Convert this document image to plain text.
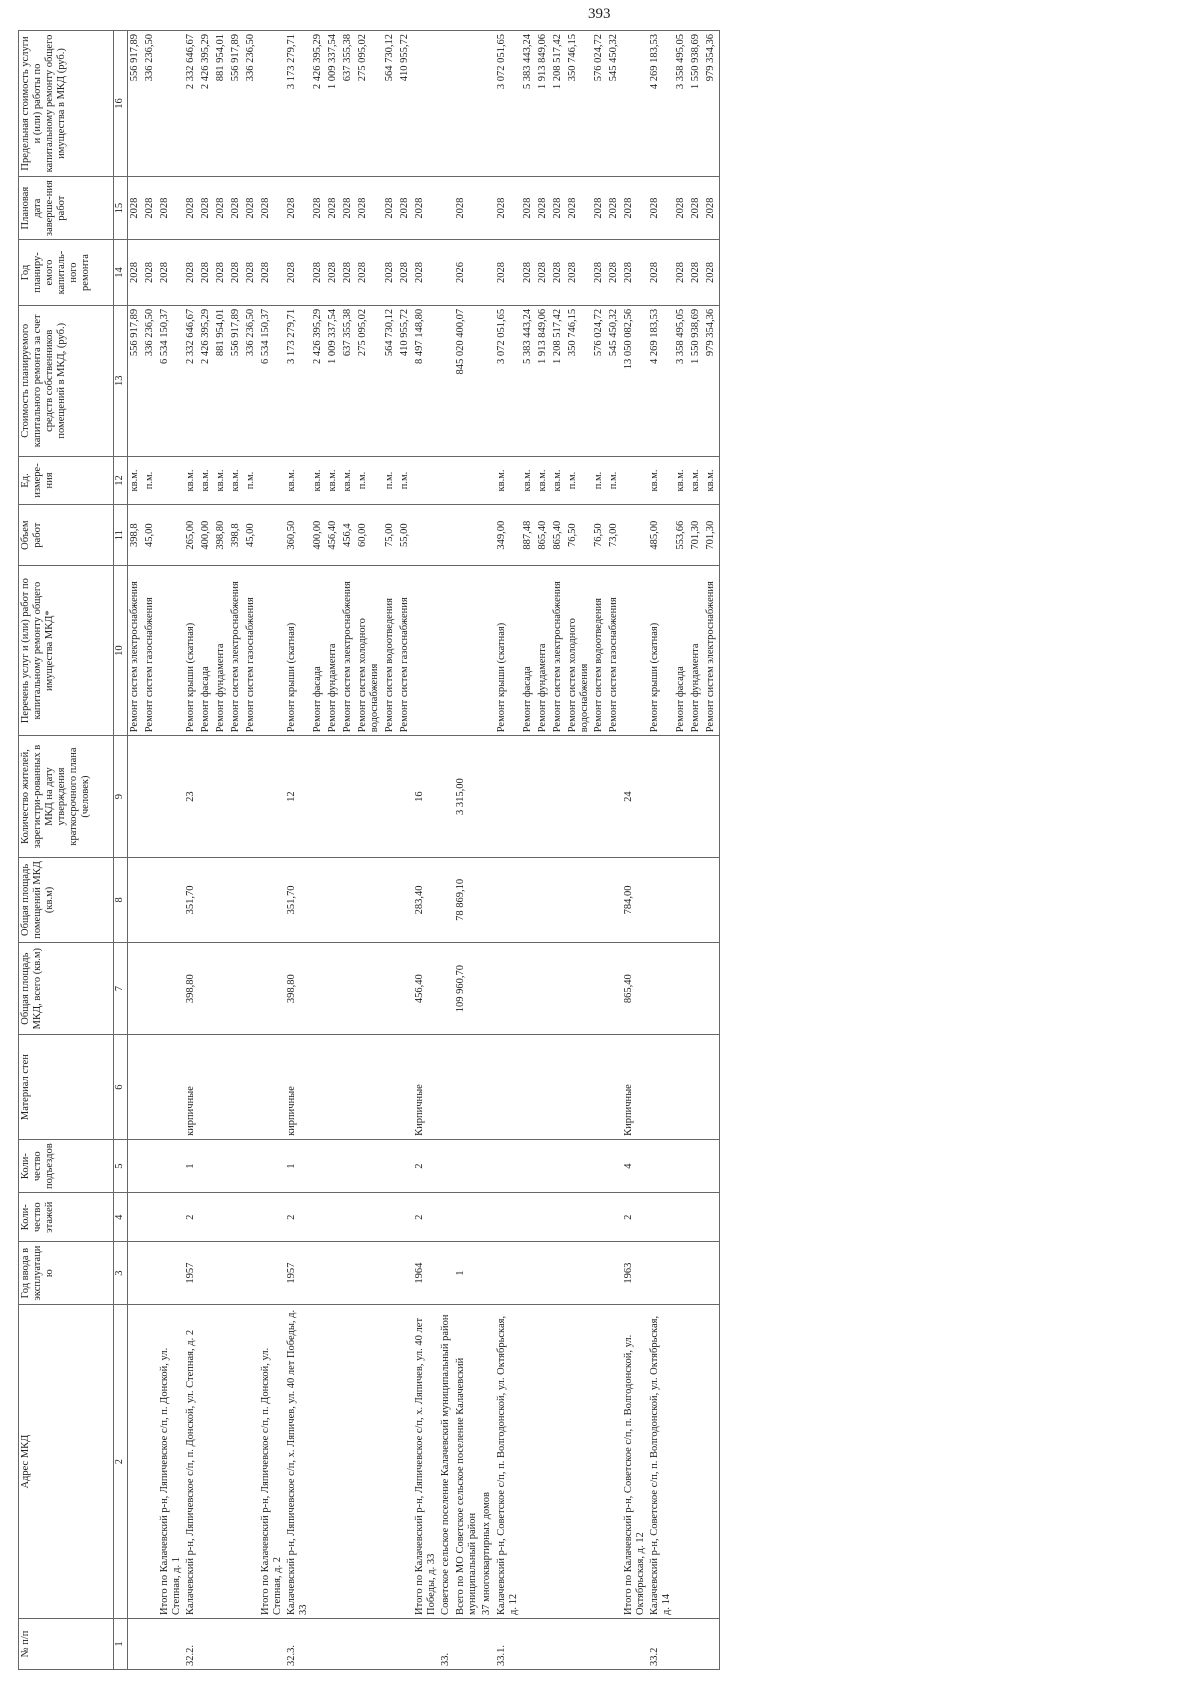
393
№ п/п	Адрес МКД	Год ввода в эксплуатацию	Коли-чество этажей	Коли-чество подъездов	Материал стен	Общая площадь МКД, всего (кв.м)	Общая площадь помещений МКД (кв.м)	Количество жителей, зарегистри-рованных в МКД на дату утверждения краткосрочного плана (человек)	Перечень услуг и (или) работ по капитальному ремонту общего имущества МКД*	Объем работ	Ед. измере-ния	Стоимость планируемого капитального ремонта за счет средств собственников помещений в МКД, (руб.)	Год планиру-емого капиталь-ного ремонта	Плановая дата заверше-ния работ	Предельная стоимость услуги и (или) работы по капитальному ремонту общего имущества в МКД (руб.)
1	2	3	4	5	6	7	8	9	10	11	12	13	14	15	16
									Ремонт систем электроснабжения	398,8	кв.м.	556 917,89	2028	2028	556 917,89
									Ремонт систем газоснабжения	45,00	п.м.	336 236,50	2028	2028	336 236,50
	Итого по Калачевский р-н, Ляпичевское с/п, п. Донской, ул. Степная, д. 1											6 534 150,37	2028	2028	
32.2.	Калачевский р-н, Ляпичевское с/п, п. Донской, ул. Степная, д. 2	1957	2	1	кирпичные	398,80	351,70	23	Ремонт крыши (скатная)	265,00	кв.м.	2 332 646,67	2028	2028	2 332 646,67
									Ремонт фасада	400,00	кв.м.	2 426 395,29	2028	2028	2 426 395,29
									Ремонт фундамента	398,80	кв.м.	881 954,01	2028	2028	881 954,01
									Ремонт систем электроснабжения	398,8	кв.м.	556 917,89	2028	2028	556 917,89
									Ремонт систем газоснабжения	45,00	п.м.	336 236,50	2028	2028	336 236,50
	Итого по Калачевский р-н, Ляпичевское с/п, п. Донской, ул. Степная, д. 2											6 534 150,37	2028	2028	
32.3.	Калачевский р-н, Ляпичевское с/п, х. Ляпичев, ул. 40 лет Победы, д. 33	1957	2	1	кирпичные	398,80	351,70	12	Ремонт крыши (скатная)	360,50	кв.м.	3 173 279,71	2028	2028	3 173 279,71
									Ремонт фасада	400,00	кв.м.	2 426 395,29	2028	2028	2 426 395,29
									Ремонт фундамента	456,40	кв.м.	1 009 337,54	2028	2028	1 009 337,54
									Ремонт систем электроснабжения	456,4	кв.м.	637 355,38	2028	2028	637 355,38
									Ремонт систем холодного водоснабжения	60,00	п.м.	275 095,02	2028	2028	275 095,02
									Ремонт систем водоотведения	75,00	п.м.	564 730,12	2028	2028	564 730,12
									Ремонт систем газоснабжения	55,00	п.м.	410 955,72	2028	2028	410 955,72
	Итого по Калачевский р-н, Ляпичевское с/п, х. Ляпичев, ул. 40 лет Победы, д. 33	1964	2	2	Кирпичные	456,40	283,40	16				8 497 148,80	2028	2028	
33.	Советское сельское поселение Калачевский муниципальный район														
	Всего по МО Советское сельское поселение Калачевский муниципальный район	1				109 960,70	78 869,10	3 315,00				845 020 400,07	2026	2028	
	37 многоквартирных домов														
33.1.	Калачевский р-н, Советское с/п, п. Волгодонской, ул. Октябрьская, д. 12								Ремонт крыши (скатная)	349,00	кв.м.	3 072 051,65	2028	2028	3 072 051,65
									Ремонт фасада	887,48	кв.м.	5 383 443,24	2028	2028	5 383 443,24
									Ремонт фундамента	865,40	кв.м.	1 913 849,06	2028	2028	1 913 849,06
									Ремонт систем электроснабжения	865,40	кв.м.	1 208 517,42	2028	2028	1 208 517,42
									Ремонт систем холодного водоснабжения	76,50	п.м.	350 746,15	2028	2028	350 746,15
									Ремонт систем водоотведения	76,50	п.м.	576 024,72	2028	2028	576 024,72
									Ремонт систем газоснабжения	73,00	п.м.	545 450,32	2028	2028	545 450,32
	Итого по Калачевский р-н, Советское с/п, п. Волгодонской, ул. Октябрьская, д. 12	1963	2	4	Кирпичные	865,40	784,00	24				13 050 082,56	2028	2028	
33.2	Калачевский р-н, Советское с/п, п. Волгодонской, ул. Октябрьская, д. 14								Ремонт крыши (скатная)	485,00	кв.м.	4 269 183,53	2028	2028	4 269 183,53
									Ремонт фасада	553,66	кв.м.	3 358 495,05	2028	2028	3 358 495,05
									Ремонт фундамента	701,30	кв.м.	1 550 938,69	2028	2028	1 550 938,69
									Ремонт систем электроснабжения	701,30	кв.м.	979 354,36	2028	2028	979 354,36
